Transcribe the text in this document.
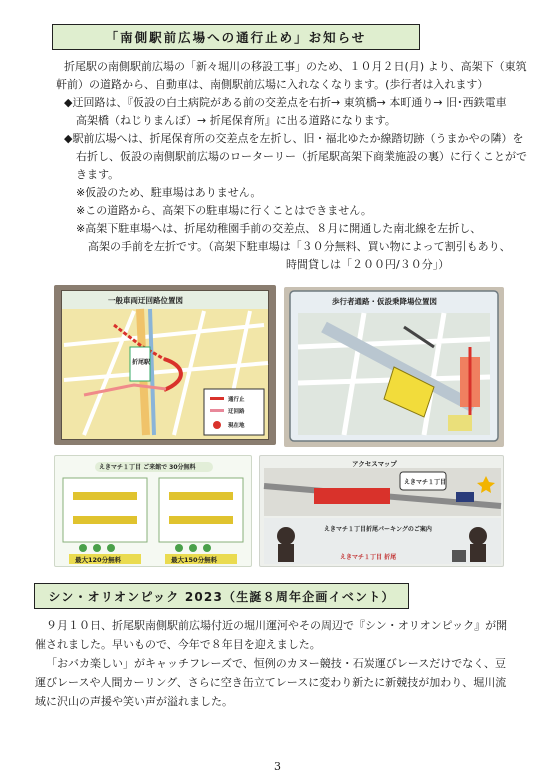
「南側駅前広場への通行止め」お知らせ
折尾駅の南側駅前広場の「新々堀川の移設工事」のため、１０月２日(月) より、高架下（東筑
軒前）の道路から、自動車は、南側駅前広場に入れなくなります。(歩行者は入れます）
◆迂回路は、『仮設の白土病院がある前の交差点を右折→ 東筑橋→ 本町通り→ 旧･西鉄電車
高架橋（ねじりまんぼ）→ 折尾保育所』に出る道路になります。
◆駅前広場へは、折尾保育所の交差点を左折し、旧・福北ゆたか線踏切跡（うまかやの隣）を
右折し、仮設の南側駅前広場のローターリー（折尾駅高架下商業施設の裏）に行くことがで
きます。
※仮設のため、駐車場はありません。
※この道路から、高架下の駐車場に行くことはできません。
※高架下駐車場へは、折尾幼稚園手前の交差点、８月に開通した南北線を左折し、
高架の手前を左折です。（高架下駐車場は「３０分無料、買い物によって割引もあり、
時間貸しは「２００円/３０分」）
一般車両迂回路位置図
折尾駅
通行止
迂回路
現在地
歩行者通路・仮設乗降場位置図
えきマチ１丁目 ご来館で 30分無料
最大120分無料	最大150分無料
アクセスマップ
えきマチ１丁目
えきマチ１丁目折尾パーキングのご案内
えきマチ１丁目 折尾
シン・オリオンピック 2023（生誕８周年企画イベント）
９月１０日、折尾駅南側駅前広場付近の堀川運河やその周辺で『シン・オリオンピック』が開
催されました。早いもので、今年で８年目を迎えました。
「おバカ楽しい」がキャッチフレーズで、恒例のカヌー競技・石炭運びレースだけでなく、豆
運びレースや人間カーリング、さらに空き缶立てレースに変わり新たに新競技が加わり、堀川流
域に沢山の声援や笑い声が溢れました。
3
